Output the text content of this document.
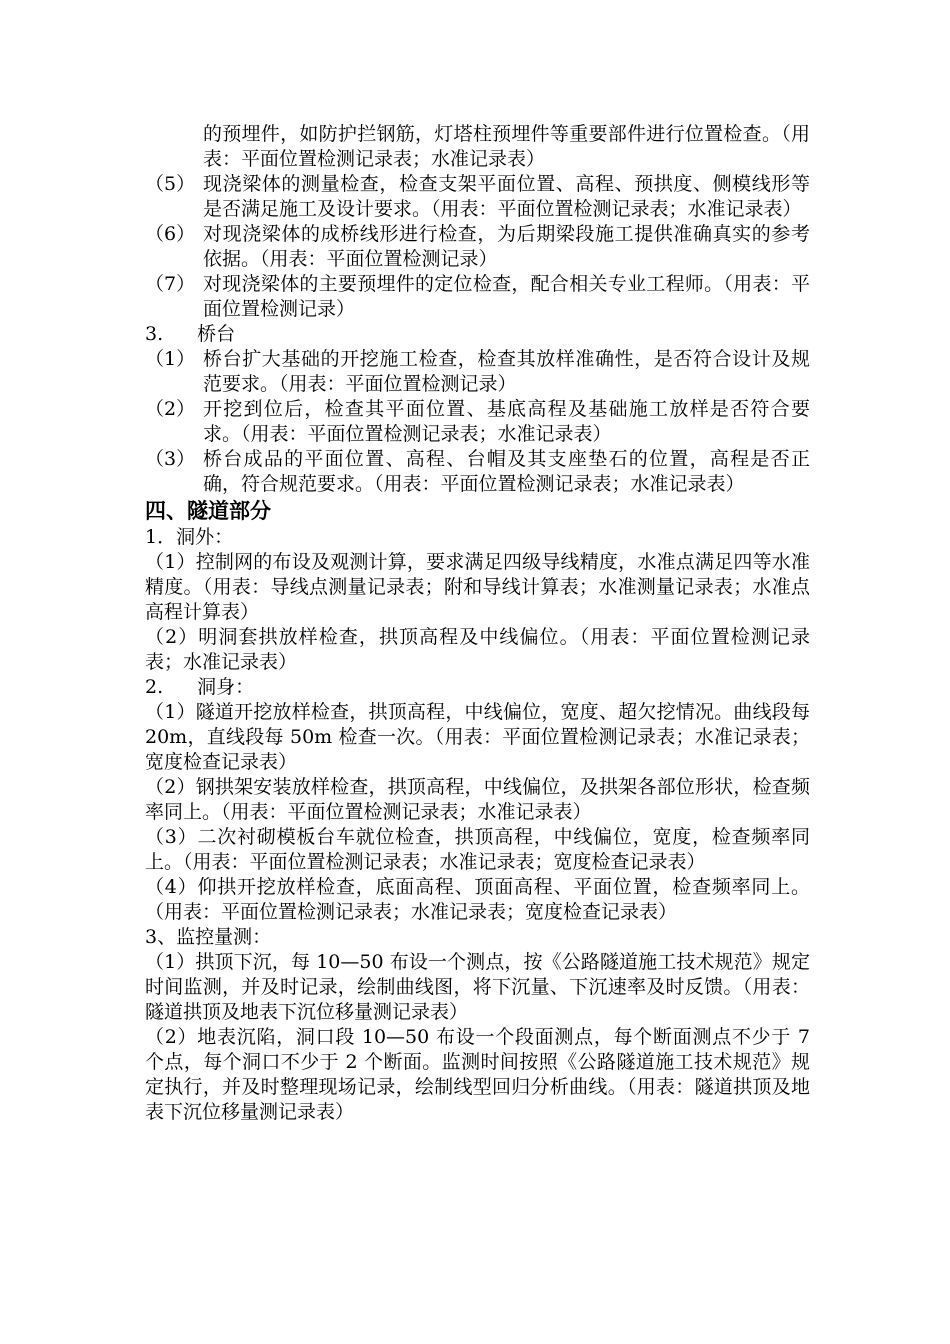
的预埋件，如防护拦钢筋，灯塔柱预埋件等重要部件进行位置检查。（用表：平面位置检测记录表；水准记录表）

（5） 现浇梁体的测量检查，检查支架平面位置、高程、预拱度、侧模线形等是否满足施工及设计要求。（用表：平面位置检测记录表；水准记录表）
（6） 对现浇梁体的成桥线形进行检查，为后期梁段施工提供准确真实的参考依据。（用表：平面位置检测记录）
（7） 对现浇梁体的主要预埋件的定位检查，配合相关专业工程师。（用表：平面位置检测记录）

3. 桥台

（1） 桥台扩大基础的开挖施工检查，检查其放样准确性，是否符合设计及规范要求。（用表：平面位置检测记录）
（2） 开挖到位后，检查其平面位置、基底高程及基础施工放样是否符合要求。（用表：平面位置检测记录表；水准记录表）
（3） 桥台成品的平面位置、高程、台帽及其支座垫石的位置，高程是否正确，符合规范要求。（用表：平面位置检测记录表；水准记录表）
四、隧道部分

1．洞外：

（1）控制网的布设及观测计算，要求满足四级导线精度，水准点满足四等水准精度。（用表：导线点测量记录表；附和导线计算表；水准测量记录表；水准点高程计算表）

（2）明洞套拱放样检查，拱顶高程及中线偏位。（用表：平面位置检测记录表；水准记录表）

2. 洞身：

（1）隧道开挖放样检查，拱顶高程，中线偏位，宽度、超欠挖情况。曲线段每 20m，直线段每 50m 检查一次。（用表：平面位置检测记录表；水准记录表；宽度检查记录表）

（2）钢拱架安装放样检查，拱顶高程，中线偏位，及拱架各部位形状，检查频率同上。（用表：平面位置检测记录表；水准记录表）

（3）二次衬砌模板台车就位检查，拱顶高程，中线偏位，宽度，检查频率同上。（用表：平面位置检测记录表；水准记录表；宽度检查记录表）

（4）仰拱开挖放样检查，底面高程、顶面高程、平面位置，检查频率同上。（用表：平面位置检测记录表；水准记录表；宽度检查记录表）

3、监控量测：

（1）拱顶下沉，每 10—50 布设一个测点，按《公路隧道施工技术规范》规定时间监测，并及时记录，绘制曲线图，将下沉量、下沉速率及时反馈。（用表：隧道拱顶及地表下沉位移量测记录表）

（2）地表沉陷，洞口段 10—50 布设一个段面测点，每个断面测点不少于 7 个点，每个洞口不少于 2 个断面。监测时间按照《公路隧道施工技术规范》规定执行，并及时整理现场记录，绘制线型回归分析曲线。（用表：隧道拱顶及地表下沉位移量测记录表）
